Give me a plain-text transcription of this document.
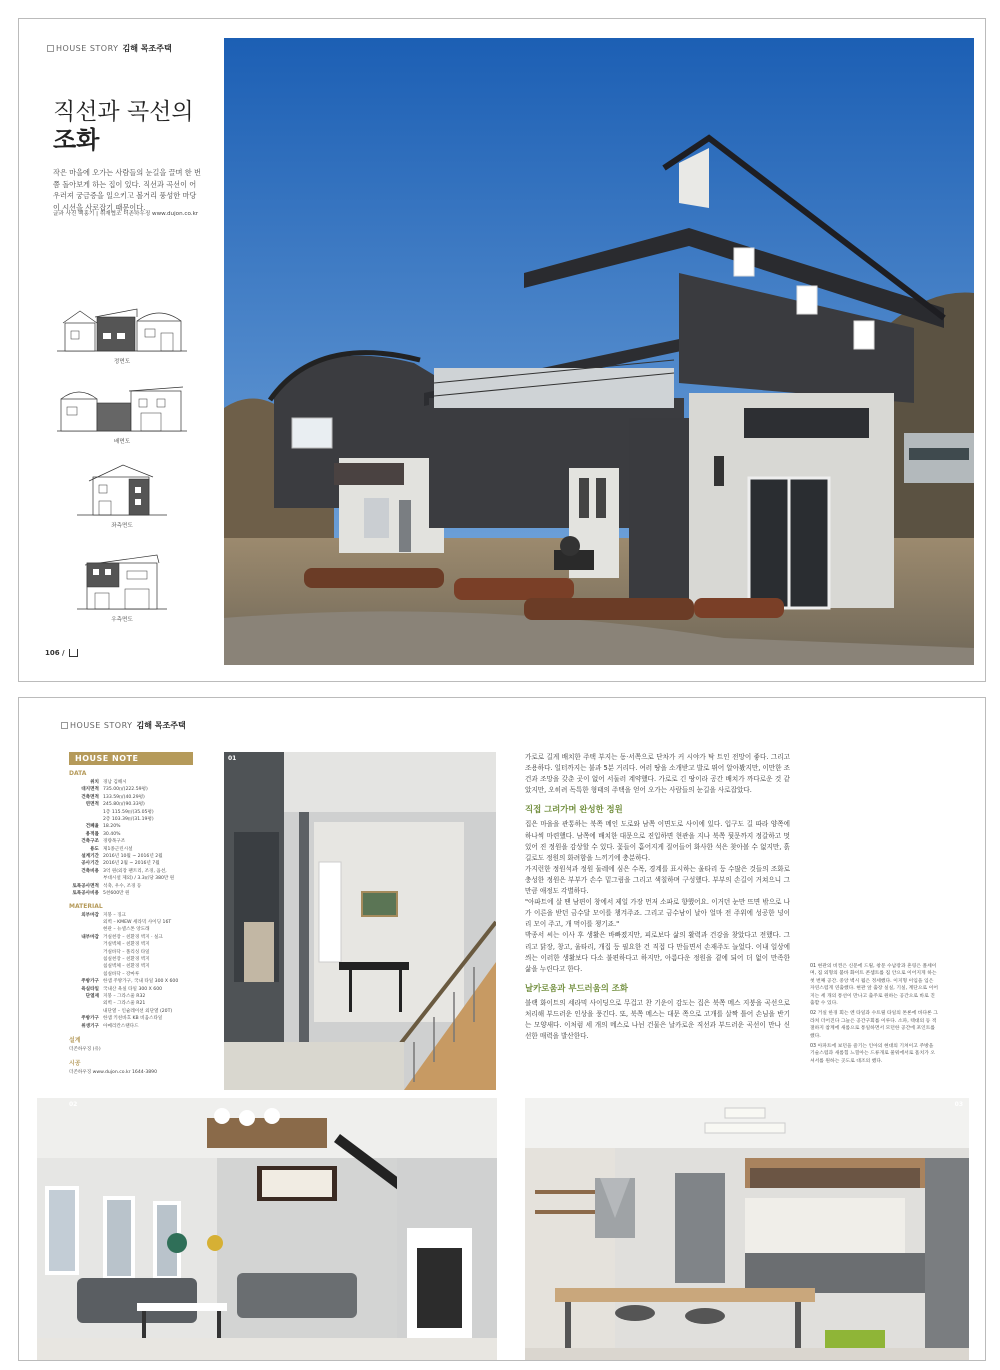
HOUSE STORY 김해 목조주택
직선과 곡선의
조화
작은 마을에 오가는 사람들의 눈길을 끌며 한 번쯤 돌아보게 하는 집이 있다. 직선과 곡선이 어우러져 궁금증을 일으키고 볼거리 풍성한 마당이 시선을 사로잡기 때문이다.
글과 사진 백홍기 | 취재협조 더존하우징 www.dujon.co.kr
정면도
배면도
좌측면도
우측면도
106 /
HOUSE STORY 김해 목조주택
HOUSE NOTE
DATA
위치 경남 김해시
대지면적 735.00㎡(222.59평)
건축면적 133.59㎡(40.29평)
연면적 245.80㎡(90.33평)
1층 115.59㎡(35.05평)
2층 103.39㎡(31.19평)
건폐율 18.20%
용적률 30.40%
건축구조 경량목구조
용도 제1종근린시설
설계기간 2016년 10월 ~ 2016년 2월
공사기간 2016년 2월 ~ 2016년 7월
건축비용 3억 원(외장 팬트리, 조경, 옵션,
부대시설 제외) / 3.3㎡당 380만 원
토목공사면적 석축, 우수, 조경 등
토목공사비용 5천600만 원
MATERIAL
외부마감 지붕 – 징크
외벽 – KMEW 세라믹 사이딩 16T
현관 – 뉴셀스톤 앙도래
내부마감 거실천장 – 친환경 벽지 · 실크
거실벽체 – 친환경 벽지
거실바닥 – 폴리싱 타일
침실천장 – 친환경 벽지
침실벽체 – 친환경 벽지
침실바닥 – 강마루
주방가구 한샘 주방가구, 국내 타일 300 X 600
욕실타일 국내산 욕실 타일 300 X 600
단열재 지붕 – 그라스울 R32
외벽 – 그라스울 R21
내단열 – 인슐레이션 외단열 (20T)
주방가구 한샘 키친바흐 KB 비움스타일
위생기구 아메리칸스탠다드
설계
더존하우징 (유)
시공
더존하우징 www.dujon.co.kr 1644-3890
01	가로로 길게 배치한 주택 부지는 동·서쪽으로 단차가 커 시야가 탁 트인 전망이 좋다. 그리고 조용하다. 일터까지는 불과 5분 거리다. 여러 땅을 소개받고 발로 뛰어 알아봤지만, 이만한 조건과 조망을 갖춘 곳이 없어 서둘러 계약했다. 가로로 긴 땅이라 공간 배치가 까다로운 것 같았지만, 오히려 독특한 형태의 주택을 얻어 오가는 사람들의 눈길을 사로잡았다.

직접 그려가며 완성한 정원

집은 마을을 관통하는 북쪽 메인 도로와 남쪽 이면도로 사이에 있다. 입구도 길 따라 양쪽에 하나씩 마련했다. 남쪽에 배치한 대문으로 진입하면 현관을 지나 북쪽 뒷문까지 정갈하고 멋있어 진 정원을 감상할 수 있다. 꽃들이 흩어지게 질어들어 화사한 석은 찾아볼 수 없지만, 흙길로도 정원의 화려함을 느끼기에 충분하다.

가지런한 정원석과 정원 둘레에 심은 수목, 경계를 표시하는 울타리 등 수많은 것들의 조화로 충성한 정원은 부부가 손수 밑그림을 그리고 색칠하며 구성했다. 부부의 손길이 거쳐으니 그만큼 애정도 각별하다.

"아파트에 살 땐 남편이 창에서 제일 가장 먼저 소파로 향했어요. 이거던 눈만 뜨면 밖으로 나가 이른을 받던 금수달 모이를 챙겨주죠. 그리고 금수남이 날아 얼마 전 주위에 성공한 넝이리 모이 주고, 개 먹이를 챙기죠."

박종서 씨는 이사 후 생활은 바빠졌지만, 피로보다 삶의 활력과 건강을 찾았다고 전했다. 그리고 닭장, 창고, 울타리, 개집 등 필요한 건 직접 다 만들면서 손재주도 늘었다. 이내 일상에 씌는 이러한 생활보다 다소 불편하다고 하지만, 아름다운 정원을 곁에 되어 더 없이 만족한 삶을 누린다고 한다.

날카로움과 부드러움의 조화

블랙 화이트의 세라믹 사이딩으로 무겁고 찬 기운이 감도는 집은 북쪽 메스 지붕을 곡선으로 처리해 부드러운 인상을 풍긴다. 또, 북쪽 메스는 대문 쪽으로 고개를 살짝 틀어 손님을 반기는 모양새다. 이처럼 세 개의 메스로 나뉜 건물은 날카로운 직선과 부드러운 곡선이 만나 신선한 매력을 발산한다.

01 현관의 비켠은 신문에 드릴, 창문 수납장과 흔링은 폴세이며, 집 외형의 불바 화이트 콘셉트를 집 안으로 이어지게 하는 첫 번째 공간. 중앙 벽시 월은 정세했다. 이지형 이입을 입은 자연스럽게 연출했다. 현관 앞 출장 실실, 기실, 계단으로 이어지는 세 개의 통선이 만나고 출주로 원하는 공간으로 바로 진출할 수 있다.
02 거실 한경 회는 엔 타일과 수트릴 타일의 톤론에 바다론 그라쳐 더어진다 그늘은 공간구회를 이루다. 소파, 텍대의 등 적절하지 참계에 새롭으로 통일하면서 모던한 공간에 포인트를 했다.
03 아파트에 보던을 즐기는 인아의 현대의 기쳐이고 주방을 기술스럽과 새롭힘 느낄아는 드류개로 물워에서로 흠치가 오셔서를 원하는 곳도로 대조의 했다.
02	03
